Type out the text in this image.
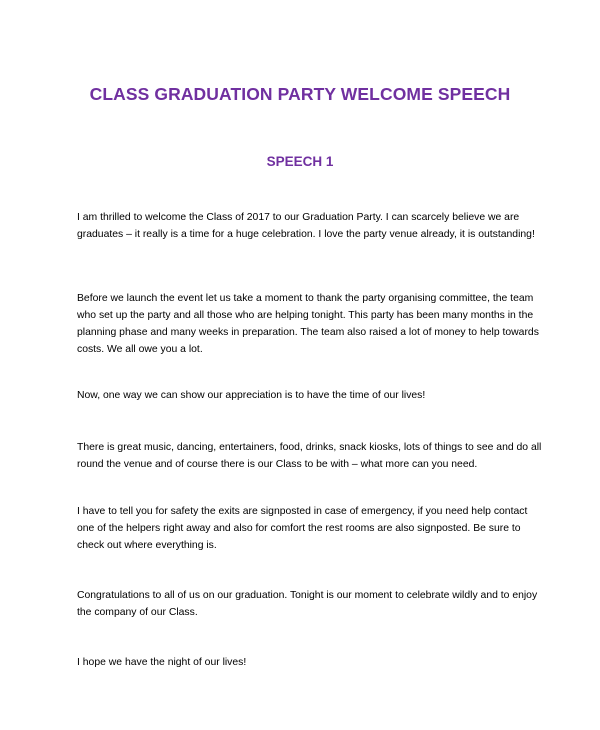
CLASS GRADUATION PARTY WELCOME SPEECH
SPEECH 1

I am thrilled to welcome the Class of 2017 to our Graduation Party. I can scarcely believe we are graduates – it really is a time for a huge celebration. I love the party venue already, it is outstanding!

Before we launch the event let us take a moment to thank the party organising committee, the team who set up the party and all those who are helping tonight. This party has been many months in the planning phase and many weeks in preparation. The team also raised a lot of money to help towards costs. We all owe you a lot.

Now, one way we can show our appreciation is to have the time of our lives!

There is great music, dancing, entertainers, food, drinks, snack kiosks, lots of things to see and do all round the venue and of course there is our Class to be with – what more can you need.

I have to tell you for safety the exits are signposted in case of emergency, if you need help contact one of the helpers right away and also for comfort the rest rooms are also signposted. Be sure to check out where everything is.

Congratulations to all of us on our graduation. Tonight is our moment to celebrate wildly and to enjoy the company of our Class.

I hope we have the night of our lives!
